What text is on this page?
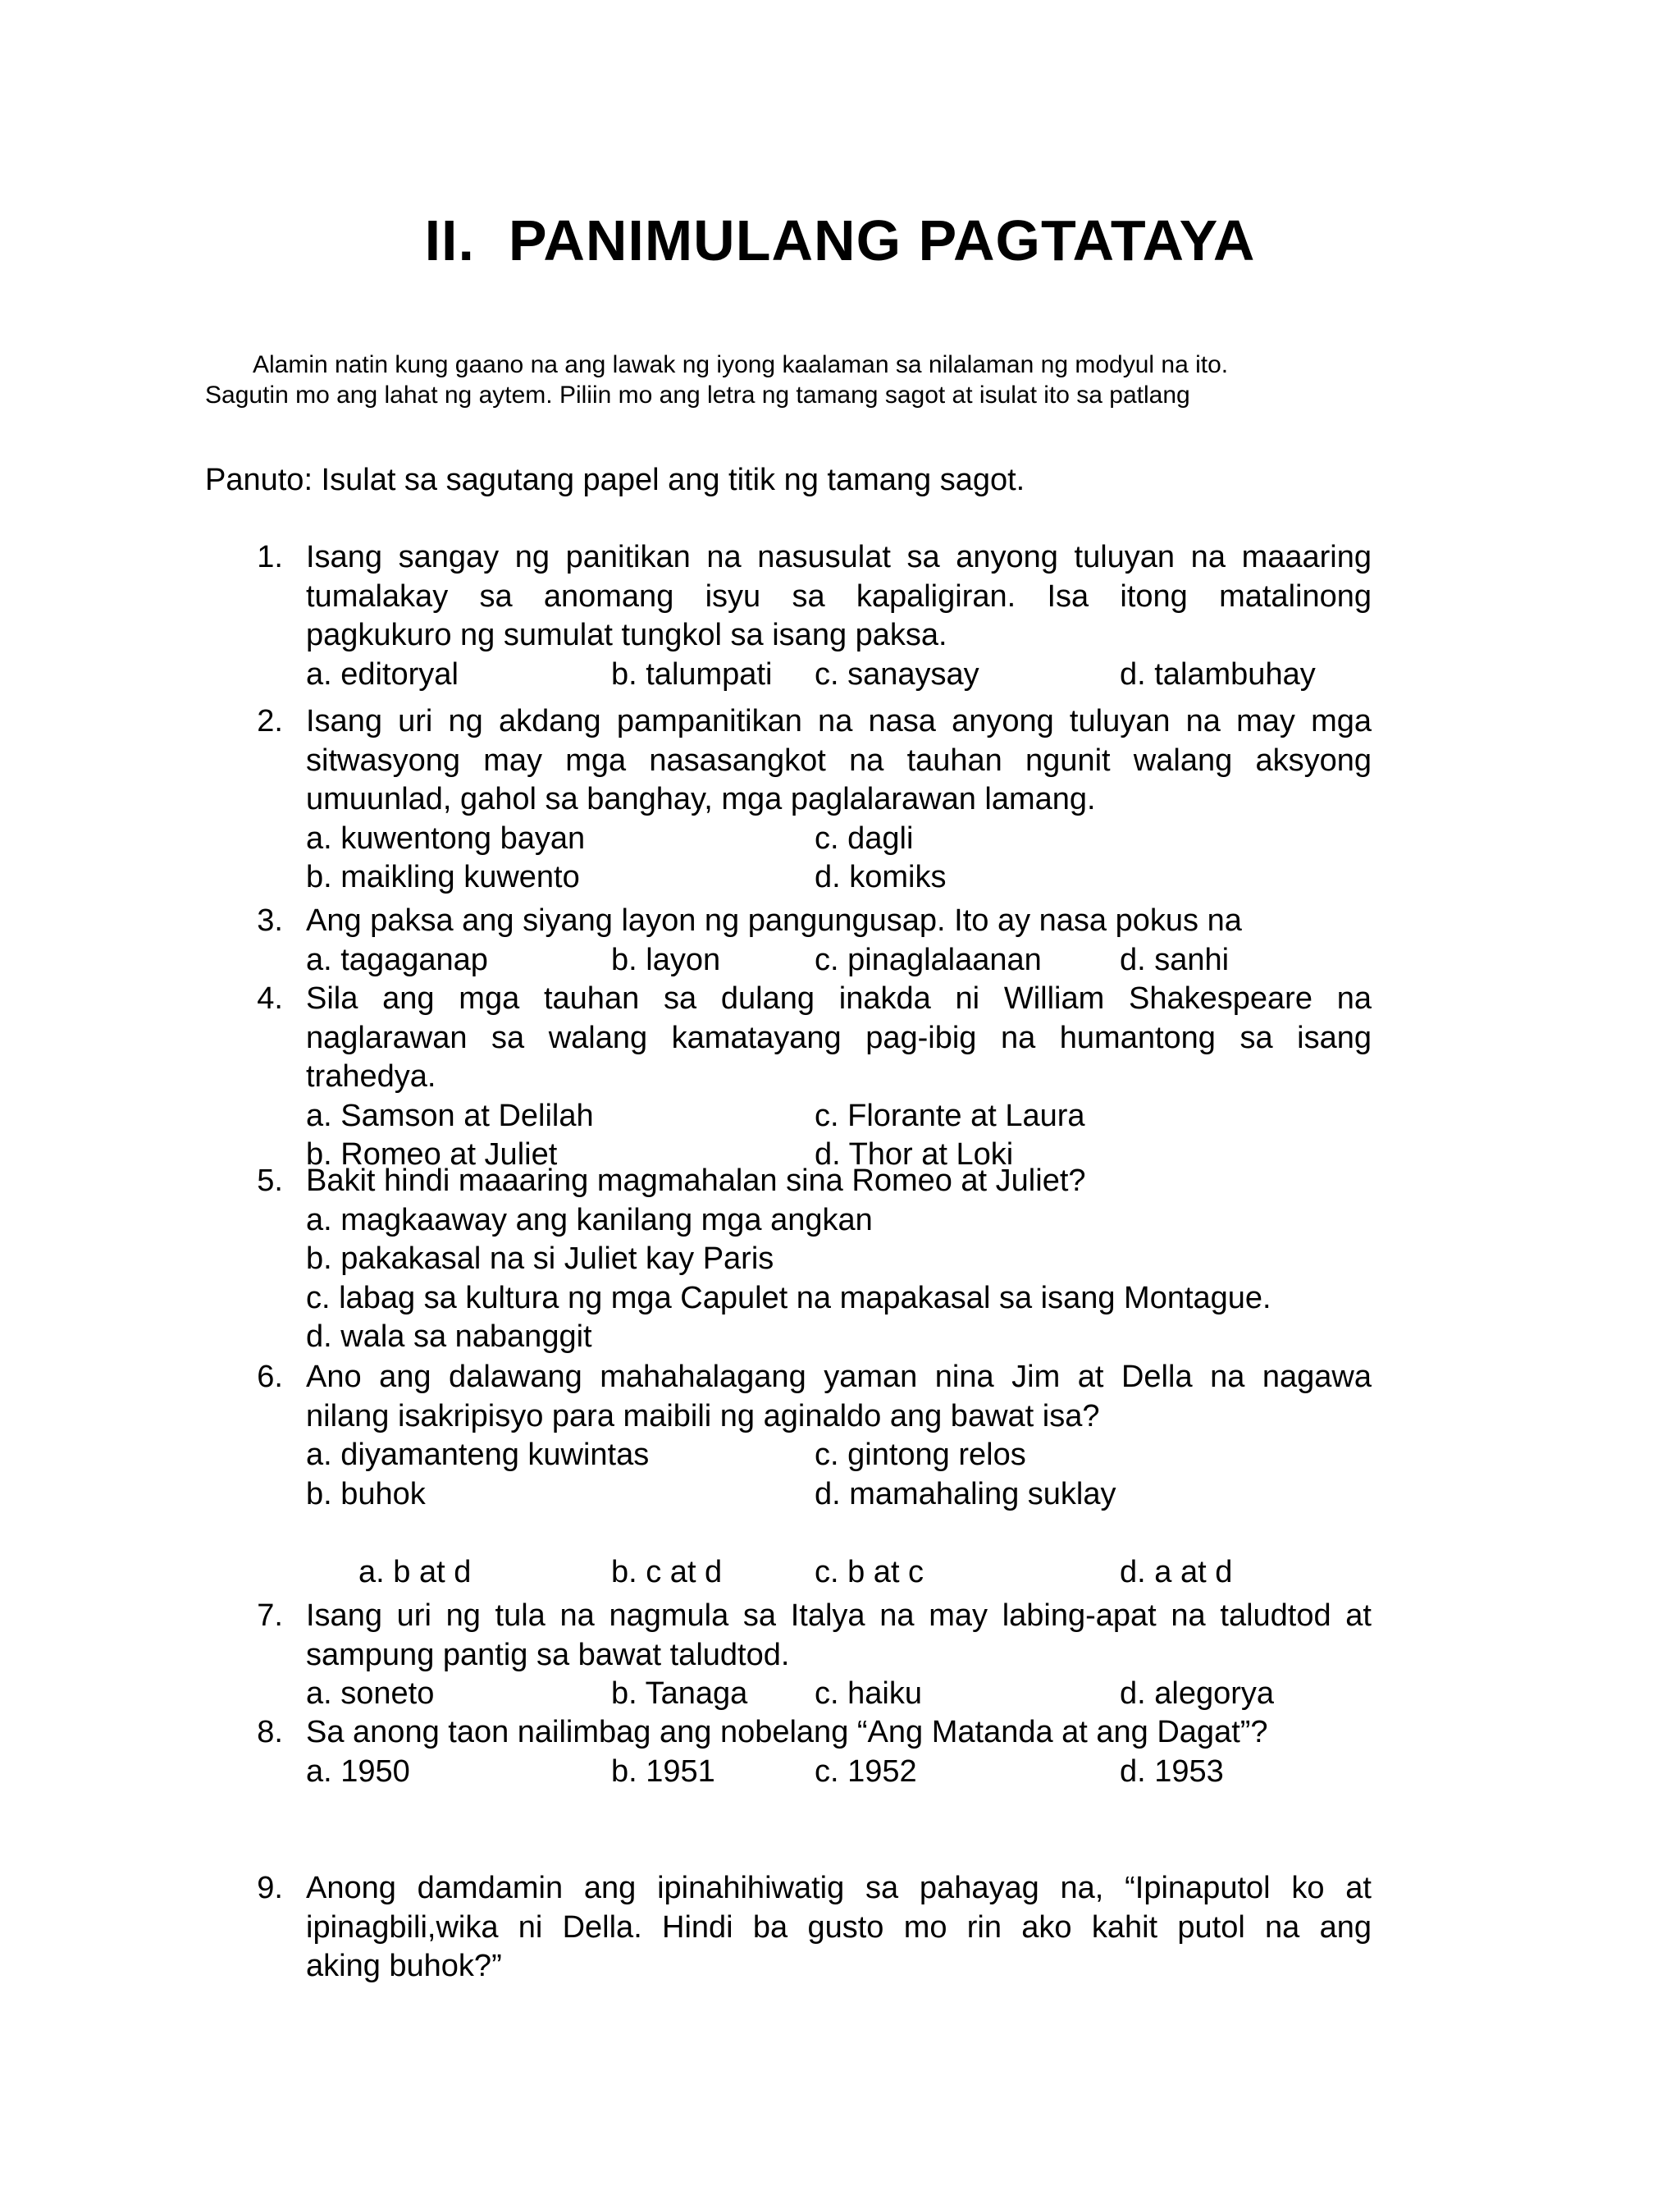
II.  PANIMULANG PAGTATAYA
Alamin natin kung gaano na ang lawak ng iyong kaalaman sa nilalaman ng modyul na ito.
Sagutin mo ang lahat ng aytem. Piliin mo ang letra ng tamang sagot at isulat ito sa patlang
Panuto: Isulat sa sagutang papel ang titik ng tamang sagot.
1. Isang sangay ng panitikan na nasusulat sa anyong tuluyan na maaaring
tumalakay sa anomang isyu sa kapaligiran. Isa itong matalinong
pagkukuro ng sumulat tungkol sa isang paksa.
a. editoryal	b. talumpati c. sanaysay	d. talambuhay
2. Isang uri ng akdang pampanitikan na nasa anyong tuluyan na may mga
sitwasyong may mga nasasangkot na tauhan ngunit walang aksyong
umuunlad, gahol sa banghay, mga paglalarawan lamang.
a. kuwentong bayan	c. dagli
b. maikling kuwento	d. komiks
3. Ang paksa ang siyang layon ng pangungusap. Ito ay nasa pokus na
a. tagaganap	b. layon	c. pinaglalaanan	d. sanhi
4. Sila ang mga tauhan sa dulang inakda ni William Shakespeare na
naglarawan sa walang kamatayang pag-ibig na humantong sa isang
trahedya.
a. Samson at Delilah	c. Florante at Laura
b. Romeo at Juliet	d. Thor at Loki
5. Bakit hindi maaaring magmahalan sina Romeo at Juliet?
a. magkaaway ang kanilang mga angkan
b. pakakasal na si Juliet kay Paris
c. labag sa kultura ng mga Capulet na mapakasal sa isang Montague.
d. wala sa nabanggit
6. Ano ang dalawang mahahalagang yaman nina Jim at Della na nagawa
nilang isakripisyo para maibili ng aginaldo ang bawat isa?
a. diyamanteng kuwintas	c. gintong relos
b. buhok	d. mamahaling suklay
a. b at d	b. c at d	c. b at c	d. a at d
7. Isang uri ng tula na nagmula sa Italya na may labing-apat na taludtod at
sampung pantig sa bawat taludtod.
a. soneto	b. Tanaga c. haiku	d. alegorya
8. Sa anong taon nailimbag ang nobelang “Ang Matanda at ang Dagat”?
a. 1950	b. 1951	c. 1952	d. 1953
9. Anong damdamin ang ipinahihiwatig sa pahayag na, “Ipinaputol ko at
ipinagbili,wika ni Della. Hindi ba gusto mo rin ako kahit putol na ang
aking buhok?”
